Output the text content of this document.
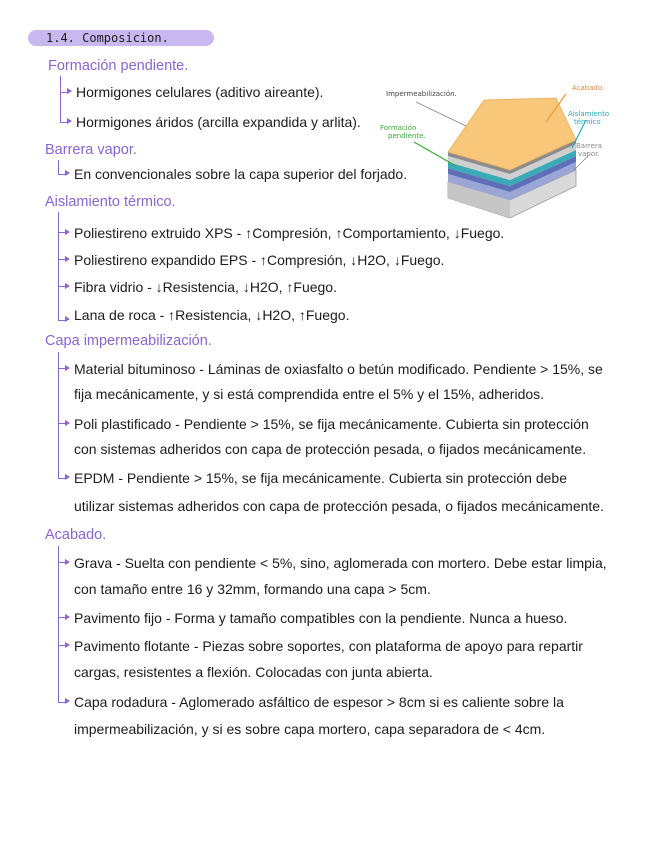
1.4. Composicion.
Formación pendiente.
Hormigones celulares (aditivo aireante).
Hormigones áridos (arcilla expandida y arlita).
Barrera vapor.
En convencionales sobre la capa superior del forjado.
Aislamiento térmico.
Poliestireno extruido XPS - ↑Compresión, ↑Comportamiento, ↓Fuego.
Poliestireno expandido EPS - ↑Compresión, ↓H2O, ↓Fuego.
Fibra vidrio - ↓Resistencia, ↓H2O, ↑Fuego.
Lana de roca - ↑Resistencia, ↓H2O, ↑Fuego.
Capa impermeabilización.
Material bituminoso - Láminas de oxiasfalto o betún modificado. Pendiente > 15%, se
fija mecánicamente, y si está comprendida entre el 5% y el 15%, adheridos.
Poli plastificado - Pendiente > 15%, se fija mecánicamente. Cubierta sin protección
con sistemas adheridos con capa de protección pesada, o fijados mecánicamente.
EPDM - Pendiente > 15%, se fija mecánicamente. Cubierta sin protección debe
utilizar sistemas adheridos con capa de protección pesada, o fijados mecánicamente.
Acabado.
Grava - Suelta con pendiente < 5%, sino, aglomerada con mortero. Debe estar limpia,
con tamaño entre 16 y 32mm, formando una capa > 5cm.
Pavimento fijo - Forma y tamaño compatibles con la pendiente. Nunca a hueso.
Pavimento flotante - Piezas sobre soportes, con plataforma de apoyo para repartir
cargas, resistentes a flexión. Colocadas con junta abierta.
Capa rodadura - Aglomerado asfáltico de espesor > 8cm si es caliente sobre la
impermeabilización, y si es sobre capa mortero, capa separadora de < 4cm.
Impermeabilización.
Acabado.
Aislamiento
térmico
Formación
pendiente.
Barrera
vapor.
